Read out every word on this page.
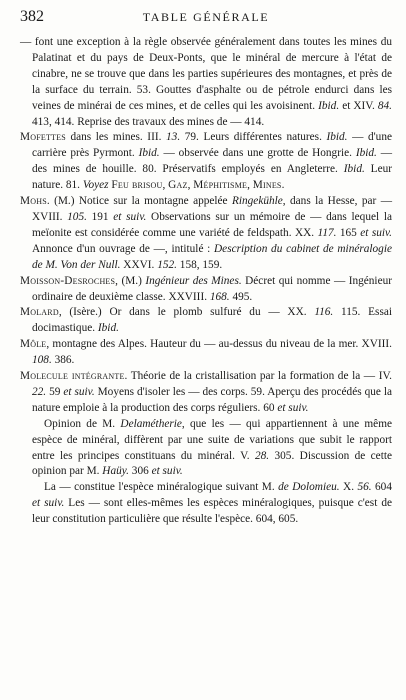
382	TABLE GÉNÉRALE

— font une exception à la règle observée généralement dans toutes les mines du Palatinat et du pays de Deux-Ponts, que le minéral de mercure à l'état de cinabre, ne se trouve que dans les parties supérieures des montagnes, et près de la surface du terrain. 53. Gouttes d'asphalte ou de pétrole endurci dans les veines de minérai de ces mines, et de celles qui les avoisinent. Ibid. et XIV. 84. 413, 414. Reprise des travaux des mines de — 414.

Mofettes dans les mines. III. 13. 79. Leurs différentes natures. Ibid. — d'une carrière près Pyrmont. Ibid. — observée dans une grotte de Hongrie. Ibid. — des mines de houille. 80. Préservatifs employés en Angleterre. Ibid. Leur nature. 81. Voyez Feu brisou, Gaz, Méphitisme, Mines.

Mohs. (M.) Notice sur la montagne appelée Ringekühle, dans la Hesse, par — XVIII. 105. 191 et suiv. Observations sur un mémoire de — dans lequel la meïonite est considérée comme une variété de feldspath. XX. 117. 165 et suiv. Annonce d'un ouvrage de —, intitulé : Description du cabinet de minéralogie de M. Von der Null. XXVI. 152. 158, 159.

Moisson-Desroches, (M.) Ingénieur des Mines. Décret qui nomme — Ingénieur ordinaire de deuxième classe. XXVIII. 168. 495.

Molard, (Isère.) Or dans le plomb sulfuré du — XX. 116. 115. Essai docimastique. Ibid.

Môle, montagne des Alpes. Hauteur du — au-dessus du niveau de la mer. XVIII. 108. 386.

Molecule intégrante. Théorie de la cristallisation par la formation de la — IV. 22. 59 et suiv. Moyens d'isoler les — des corps. 59. Aperçu des procédés que la nature emploie à la production des corps réguliers. 60 et suiv.

Opinion de M. Delamétherie, que les — qui appartiennent à une même espèce de minéral, diffèrent par une suite de variations que subit le rapport entre les principes constituans du minéral. V. 28. 305. Discussion de cette opinion par M. Haüy. 306 et suiv.

La — constitue l'espèce minéralogique suivant M. de Dolomieu. X. 56. 604 et suiv. Les — sont elles-mêmes les espèces minéralogiques, puisque c'est de leur constitution particulière que résulte l'espèce. 604, 605.
